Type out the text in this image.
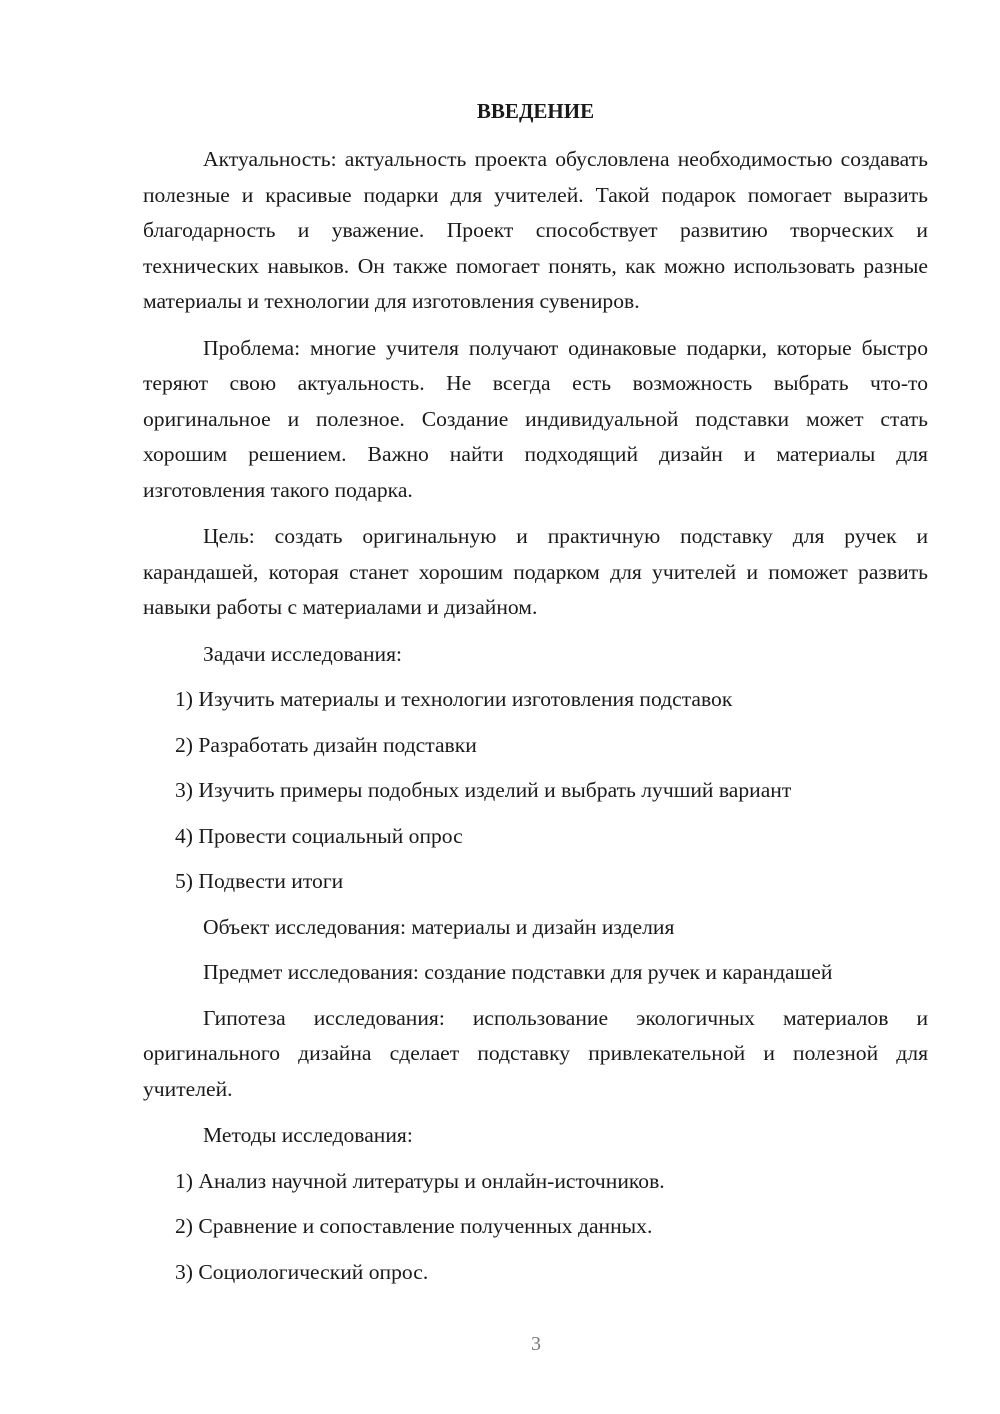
ВВЕДЕНИЕ
Актуальность: актуальность проекта обусловлена необходимостью создавать полезные и красивые подарки для учителей. Такой подарок помогает выразить благодарность и уважение. Проект способствует развитию творческих и технических навыков. Он также помогает понять, как можно использовать разные материалы и технологии для изготовления сувениров.
Проблема: многие учителя получают одинаковые подарки, которые быстро теряют свою актуальность. Не всегда есть возможность выбрать что-то оригинальное и полезное. Создание индивидуальной подставки может стать хорошим решением. Важно найти подходящий дизайн и материалы для изготовления такого подарка.
Цель: создать оригинальную и практичную подставку для ручек и карандашей, которая станет хорошим подарком для учителей и поможет развить навыки работы с материалами и дизайном.
Задачи исследования:
1) Изучить материалы и технологии изготовления подставок
2) Разработать дизайн подставки
3) Изучить примеры подобных изделий и выбрать лучший вариант
4) Провести социальный опрос
5) Подвести итоги
Объект исследования: материалы и дизайн изделия
Предмет исследования: создание подставки для ручек и карандашей
Гипотеза исследования: использование экологичных материалов и оригинального дизайна сделает подставку привлекательной и полезной для учителей.
Методы исследования:
1) Анализ научной литературы и онлайн-источников.
2) Сравнение и сопоставление полученных данных.
3) Социологический опрос.
3
